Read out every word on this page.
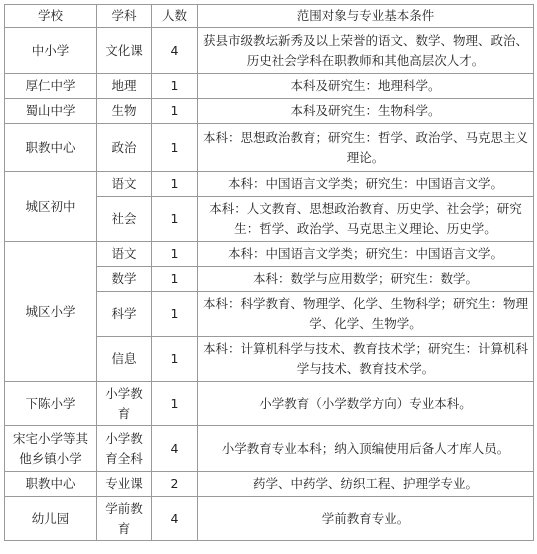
学校	学科	人数	范围对象与专业基本条件
中小学	文化课	4	获县市级教坛新秀及以上荣誉的语文、数学、物理、政治、历史社会学科在职教师和其他高层次人才。
厚仁中学	地理	1	本科及研究生：地理科学。
蜀山中学	生物	1	本科及研究生：生物科学。
职教中心	政治	1	本科：思想政治教育；研究生：哲学、政治学、马克思主义理论。
城区初中	语文	1	本科：中国语言文学类；研究生：中国语言文学。
	社会	1	本科：人文教育、思想政治教育、历史学、社会学；研究生：哲学、政治学、马克思主义理论、历史学。
城区小学	语文	1	本科：中国语言文学类；研究生：中国语言文学。
	数学	1	本科：数学与应用数学；研究生：数学。
	科学	1	本科：科学教育、物理学、化学、生物科学；研究生：物理学、化学、生物学。
	信息	1	本科：计算机科学与技术、教育技术学；研究生：计算机科学与技术、教育技术学。
下陈小学	小学教育	1	小学教育（小学数学方向）专业本科。
宋宅小学等其他乡镇小学	小学教育全科	4	小学教育专业本科；纳入顶编使用后备人才库人员。
职教中心	专业课	2	药学、中药学、纺织工程、护理学专业。
幼儿园	学前教育	4	学前教育专业。
